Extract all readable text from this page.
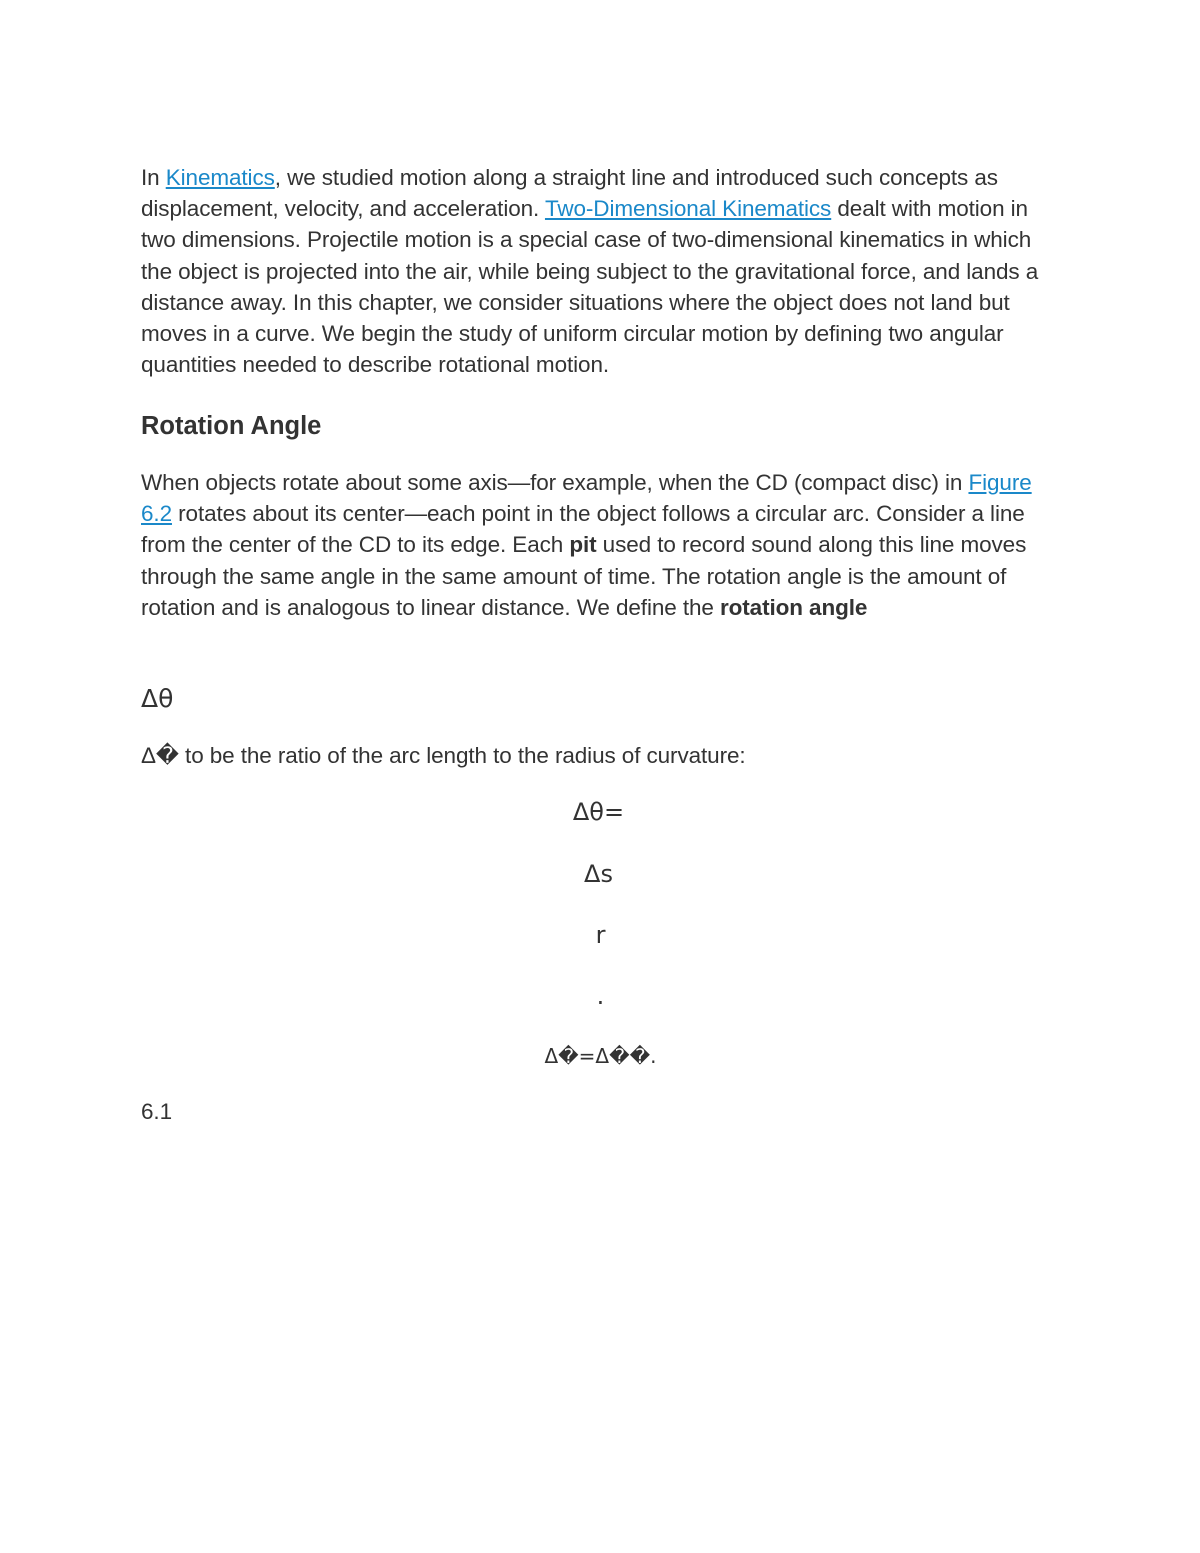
In Kinematics, we studied motion along a straight line and introduced such concepts as displacement, velocity, and acceleration. Two-Dimensional Kinematics dealt with motion in two dimensions. Projectile motion is a special case of two-dimensional kinematics in which the object is projected into the air, while being subject to the gravitational force, and lands a distance away. In this chapter, we consider situations where the object does not land but moves in a curve. We begin the study of uniform circular motion by defining two angular quantities needed to describe rotational motion.

Rotation Angle

When objects rotate about some axis—for example, when the CD (compact disc) in Figure 6.2 rotates about its center—each point in the object follows a circular arc. Consider a line from the center of the CD to its edge. Each pit used to record sound along this line moves through the same angle in the same amount of time. The rotation angle is the amount of rotation and is analogous to linear distance. We define the rotation angle

Δθ

Δ� to be the ratio of the arc length to the radius of curvature:

Δθ=
Δs
r
.
Δ�=Δ��.

6.1
